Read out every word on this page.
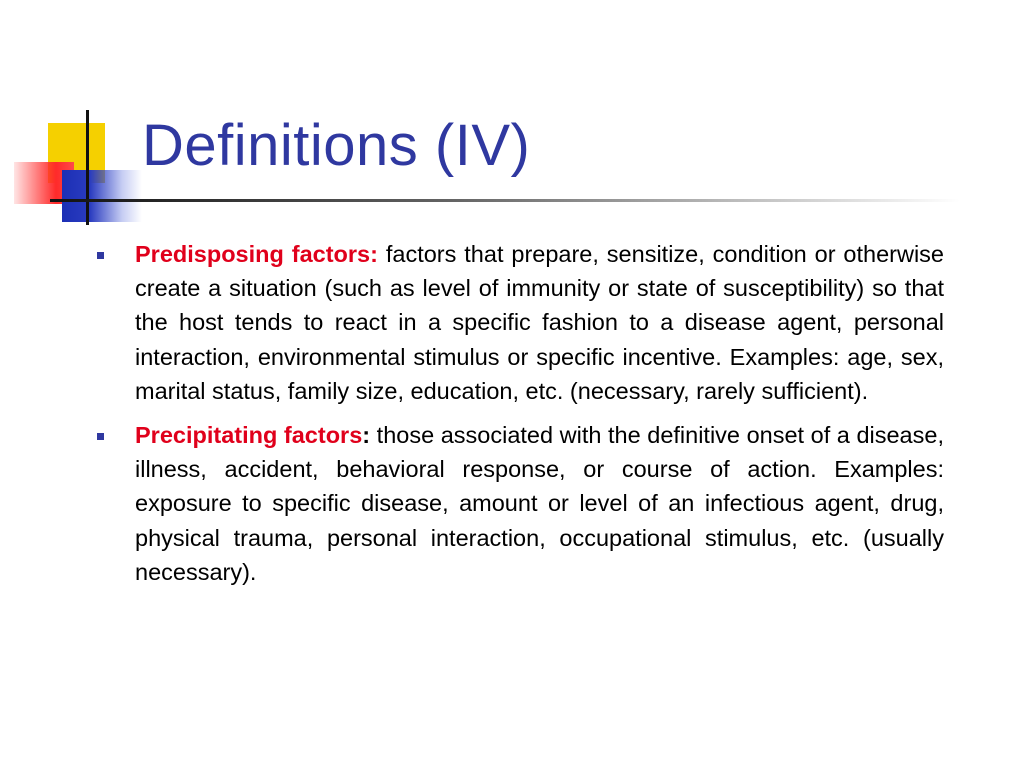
Definitions (IV)

Predisposing factors: factors that prepare, sensitize, condition or otherwise create a situation (such as level of immunity or state of susceptibility) so that the host tends to react in a specific fashion to a disease agent, personal interaction, environmental stimulus or specific incentive. Examples: age, sex, marital status, family size, education, etc. (necessary, rarely sufficient).

Precipitating factors: those associated with the definitive onset of a disease, illness, accident, behavioral response, or course of action. Examples: exposure to specific disease, amount or level of an infectious agent, drug, physical trauma, personal interaction, occupational stimulus, etc. (usually necessary).
